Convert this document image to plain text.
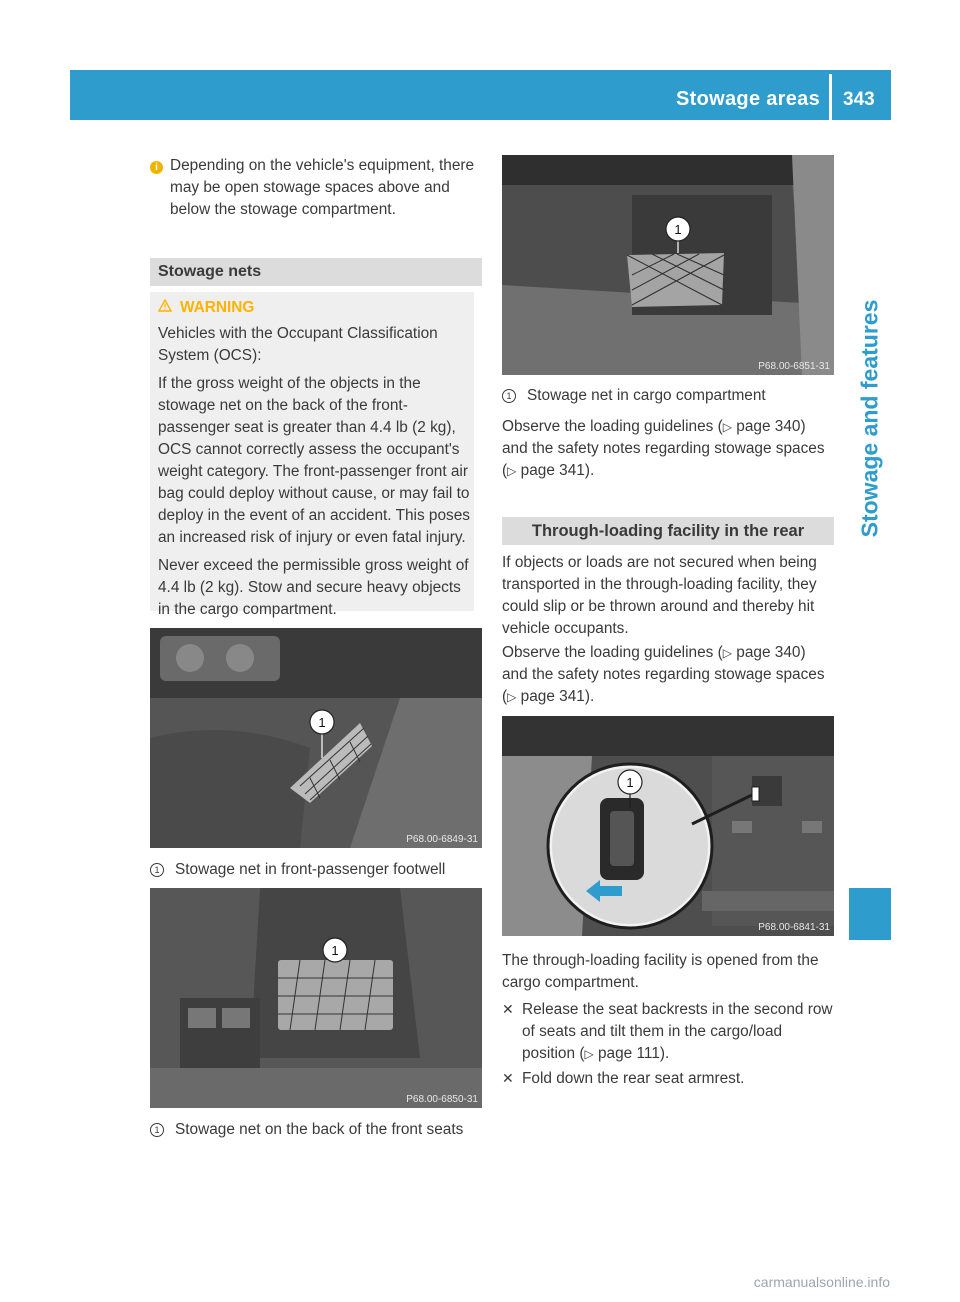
Stowage areas 343
Stowage and features
i Depending on the vehicle's equipment, there may be open stowage spaces above and below the stowage compartment.
Stowage nets
WARNING
Vehicles with the Occupant Classification System (OCS):
If the gross weight of the objects in the stowage net on the back of the front-passenger seat is greater than 4.4 lb (2 kg), OCS cannot correctly assess the occupant's weight category. The front-passenger front air bag could deploy without cause, or may fail to deploy in the event of an accident. This poses an increased risk of injury or even fatal injury.
Never exceed the permissible gross weight of 4.4 lb (2 kg). Stow and secure heavy objects in the cargo compartment.
1
P68.00-6849-31
1 Stowage net in front-passenger footwell
1
P68.00-6850-31
1 Stowage net on the back of the front seats
1
P68.00-6851-31
1 Stowage net in cargo compartment
Observe the loading guidelines (▷ page 340) and the safety notes regarding stowage spaces (▷ page 341).
Through-loading facility in the rear
If objects or loads are not secured when being transported in the through-loading facility, they could slip or be thrown around and thereby hit vehicle occupants.
Observe the loading guidelines (▷ page 340) and the safety notes regarding stowage spaces (▷ page 341).
1
P68.00-6841-31
The through-loading facility is opened from the cargo compartment.
✕ Release the seat backrests in the second row of seats and tilt them in the cargo/load position (▷ page 111).
✕ Fold down the rear seat armrest.
carmanualsonline.info
